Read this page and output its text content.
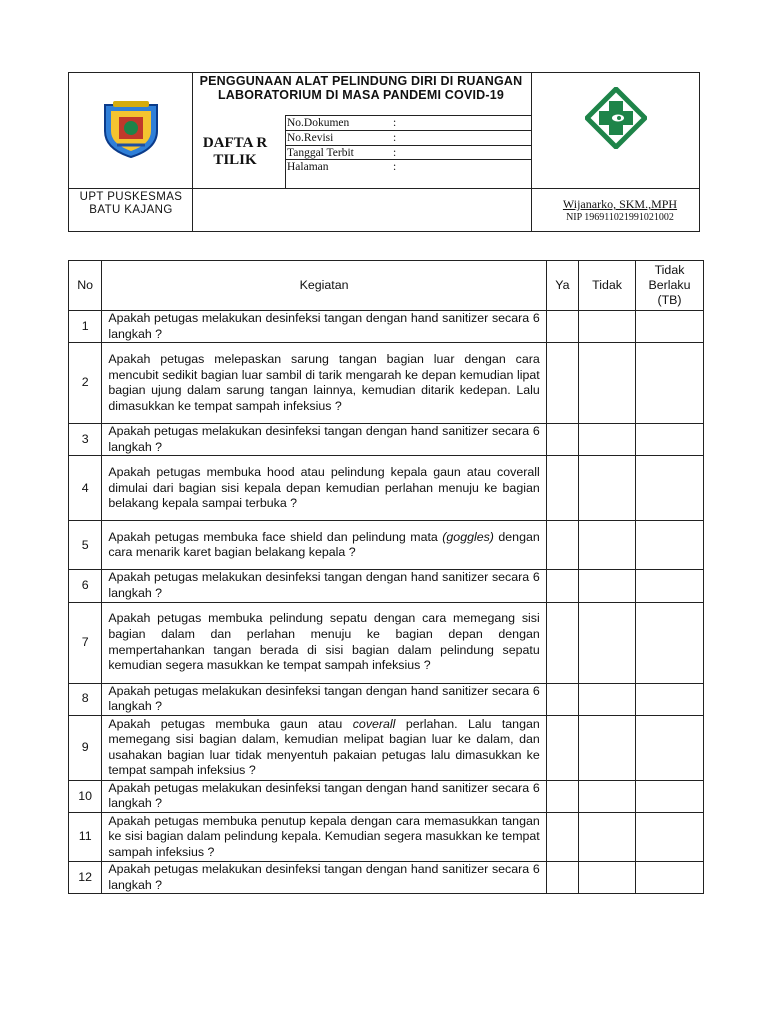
PENGGUNAAN ALAT PELINDUNG DIRI DI RUANGAN LABORATORIUM DI MASA PANDEMI COVID-19
DAFTA R TILIK
No.Dokumen	:
No.Revisi	:
Tanggal Terbit	:
Halaman	:
UPT PUSKESMAS BATU KAJANG	Wijanarko, SKM.,MPH
NIP 196911021991021002
No	Kegiatan	Ya	Tidak	Tidak Berlaku (TB)
1	Apakah petugas melakukan desinfeksi tangan dengan hand sanitizer secara 6 langkah ?			
2	Apakah petugas melepaskan sarung tangan bagian luar dengan cara mencubit sedikit bagian luar sambil di tarik mengarah ke depan kemudian lipat bagian ujung dalam sarung tangan lainnya, kemudian ditarik kedepan. Lalu dimasukkan ke tempat sampah infeksius ?			
3	Apakah petugas melakukan desinfeksi tangan dengan hand sanitizer secara 6 langkah ?			
4	Apakah petugas membuka hood atau pelindung kepala gaun atau coverall dimulai dari bagian sisi kepala depan kemudian perlahan menuju ke bagian belakang kepala sampai terbuka ?			
5	Apakah petugas membuka face shield dan pelindung mata (goggles) dengan cara menarik karet bagian belakang kepala ?			
6	Apakah petugas melakukan desinfeksi tangan dengan hand sanitizer secara 6 langkah ?			
7	Apakah petugas membuka pelindung sepatu dengan cara memegang sisi bagian dalam dan perlahan menuju ke bagian depan dengan mempertahankan tangan berada di sisi bagian dalam pelindung sepatu kemudian segera masukkan ke tempat sampah infeksius ?			
8	Apakah petugas melakukan desinfeksi tangan dengan hand sanitizer secara 6 langkah ?			
9	Apakah petugas membuka gaun atau coverall perlahan. Lalu tangan memegang sisi bagian dalam, kemudian melipat bagian luar ke dalam, dan usahakan bagian luar tidak menyentuh pakaian petugas lalu dimasukkan ke tempat sampah infeksius ?			
10	Apakah petugas melakukan desinfeksi tangan dengan hand sanitizer secara 6 langkah ?			
11	Apakah petugas membuka penutup kepala dengan cara memasukkan tangan ke sisi bagian dalam pelindung kepala. Kemudian segera masukkan ke tempat sampah infeksius ?			
12	Apakah petugas melakukan desinfeksi tangan dengan hand sanitizer secara 6 langkah ?			
